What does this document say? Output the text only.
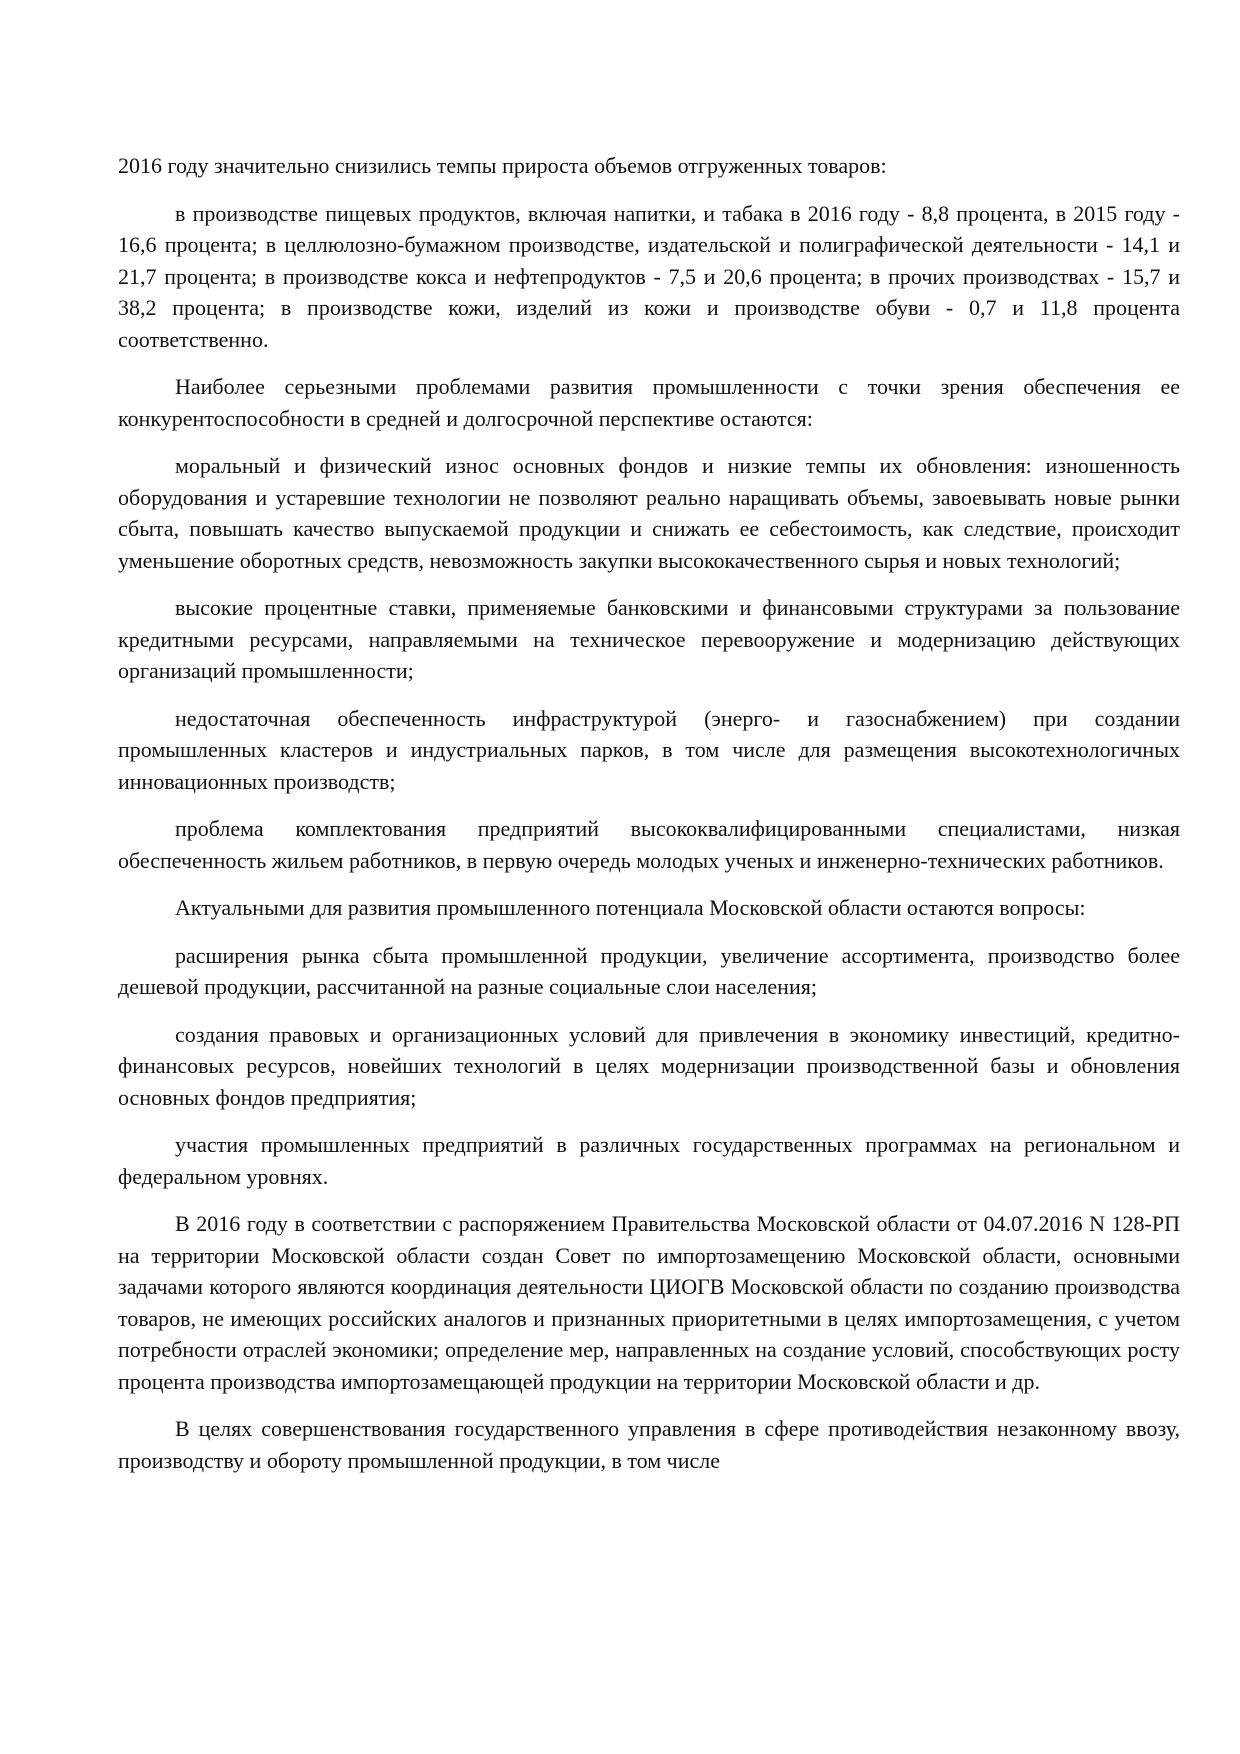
2016 году значительно снизились темпы прироста объемов отгруженных товаров:

в производстве пищевых продуктов, включая напитки, и табака в 2016 году - 8,8 процента, в 2015 году - 16,6 процента; в целлюлозно-бумажном производстве, издательской и полиграфической деятельности - 14,1 и 21,7 процента; в производстве кокса и нефтепродуктов - 7,5 и 20,6 процента; в прочих производствах - 15,7 и 38,2 процента; в производстве кожи, изделий из кожи и производстве обуви - 0,7 и 11,8 процента соответственно.

Наиболее серьезными проблемами развития промышленности с точки зрения обеспечения ее конкурентоспособности в средней и долгосрочной перспективе остаются:

моральный и физический износ основных фондов и низкие темпы их обновления: изношенность оборудования и устаревшие технологии не позволяют реально наращивать объемы, завоевывать новые рынки сбыта, повышать качество выпускаемой продукции и снижать ее себестоимость, как следствие, происходит уменьшение оборотных средств, невозможность закупки высококачественного сырья и новых технологий;

высокие процентные ставки, применяемые банковскими и финансовыми структурами за пользование кредитными ресурсами, направляемыми на техническое перевооружение и модернизацию действующих организаций промышленности;

недостаточная обеспеченность инфраструктурой (энерго- и газоснабжением) при создании промышленных кластеров и индустриальных парков, в том числе для размещения высокотехнологичных инновационных производств;

проблема комплектования предприятий высококвалифицированными специалистами, низкая обеспеченность жильем работников, в первую очередь молодых ученых и инженерно-технических работников.

Актуальными для развития промышленного потенциала Московской области остаются вопросы:

расширения рынка сбыта промышленной продукции, увеличение ассортимента, производство более дешевой продукции, рассчитанной на разные социальные слои населения;

создания правовых и организационных условий для привлечения в экономику инвестиций, кредитно-финансовых ресурсов, новейших технологий в целях модернизации производственной базы и обновления основных фондов предприятия;

участия промышленных предприятий в различных государственных программах на региональном и федеральном уровнях.

В 2016 году в соответствии с распоряжением Правительства Московской области от 04.07.2016 N 128-РП на территории Московской области создан Совет по импортозамещению Московской области, основными задачами которого являются координация деятельности ЦИОГВ Московской области по созданию производства товаров, не имеющих российских аналогов и признанных приоритетными в целях импортозамещения, с учетом потребности отраслей экономики; определение мер, направленных на создание условий, способствующих росту процента производства импортозамещающей продукции на территории Московской области и др.

В целях совершенствования государственного управления в сфере противодействия незаконному ввозу, производству и обороту промышленной продукции, в том числе
